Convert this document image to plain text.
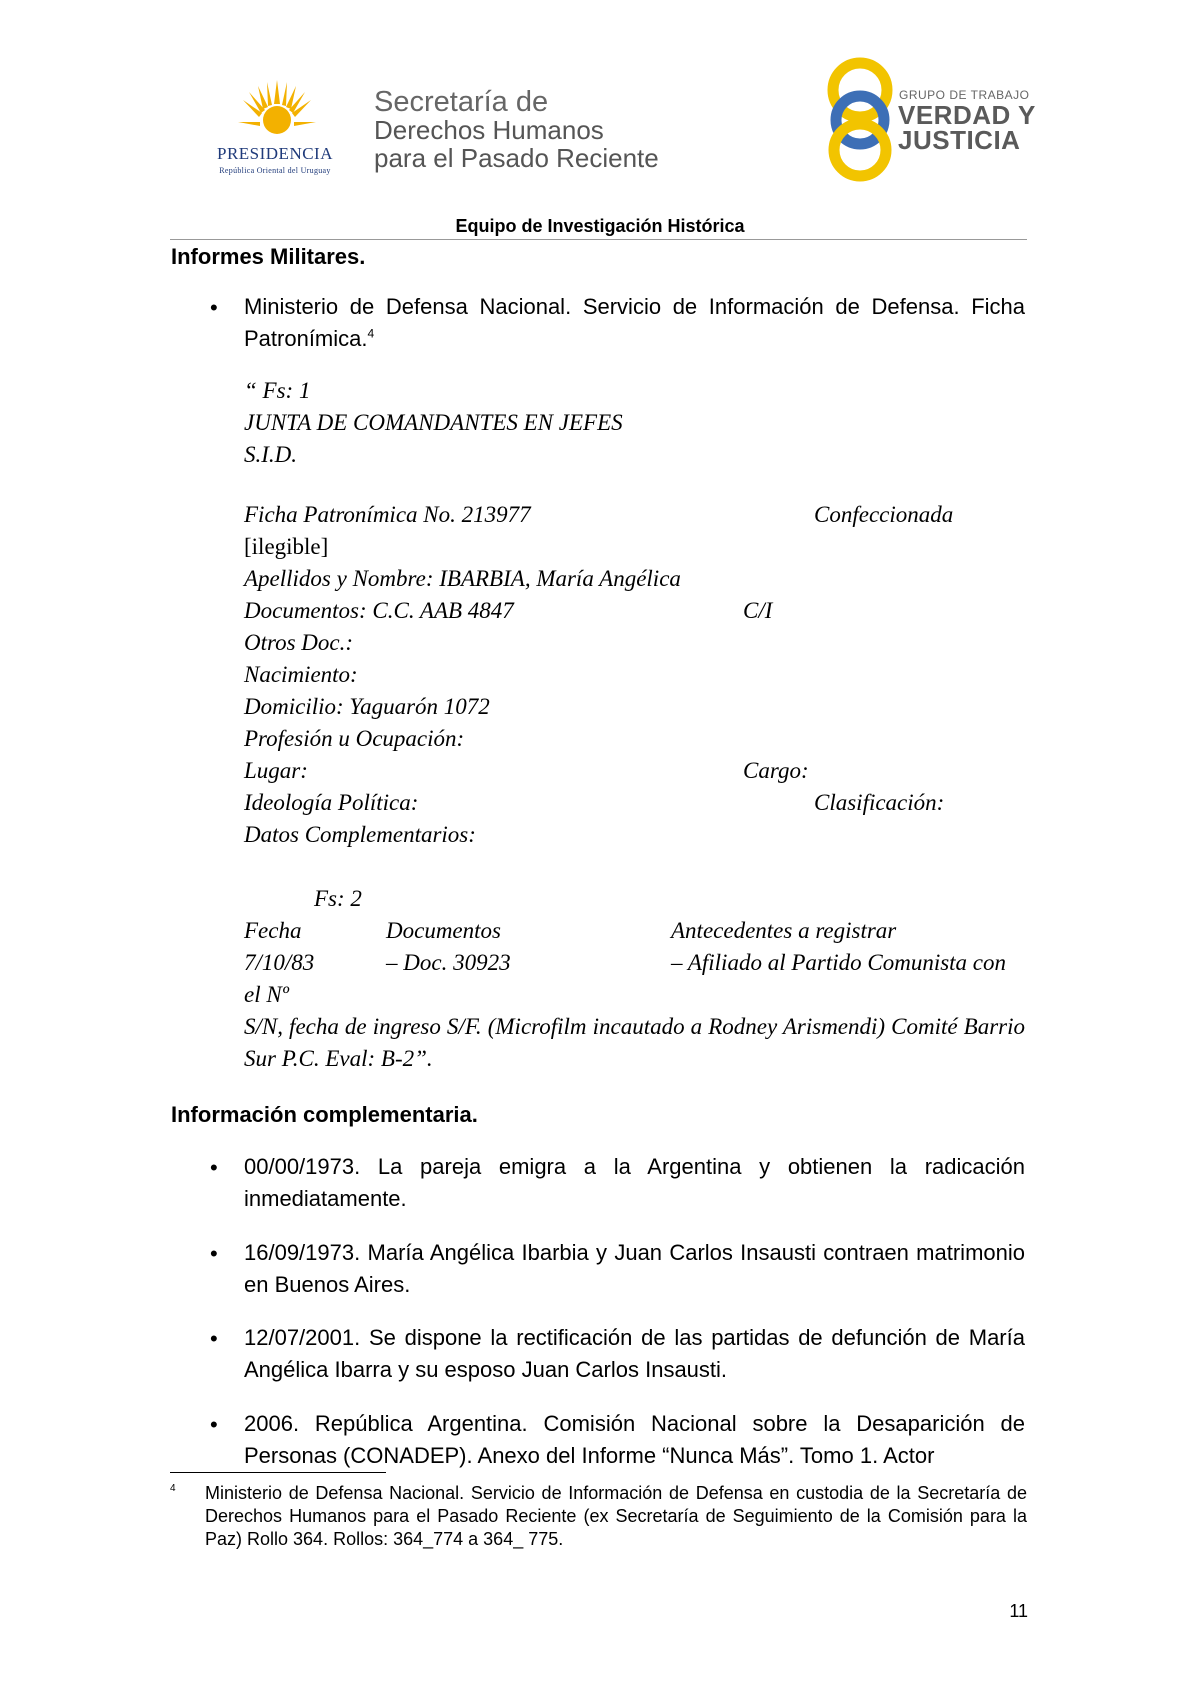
PRESIDENCIA
República Oriental del Uruguay
Secretaría de
Derechos Humanos
para el Pasado Reciente
GRUPO DE TRABAJO
VERDAD Y
JUSTICIA
Equipo de Investigación Histórica
Informes Militares.
• Ministerio de Defensa Nacional. Servicio de Información de Defensa. Ficha Patronímica.$^4$
“ Fs: 1
JUNTA DE COMANDANTES EN JEFES
S.I.D.
Ficha Patronímica No. 213977	Confeccionada
[ilegible]
Apellidos y Nombre: IBARBIA, María Angélica
Documentos: C.C. AAB 4847	C/I
Otros Doc.:
Nacimiento:
Domicilio: Yaguarón 1072
Profesión u Ocupación:
Lugar:	Cargo:
Ideología Política:	Clasificación:
Datos Complementarios:
Fs: 2
Fecha	Documentos	Antecedentes a registrar
7/10/83	– Doc. 30923	– Afiliado al Partido Comunista con
el Nº
S/N, fecha de ingreso S/F. (Microfilm incautado a Rodney Arismendi) Comité Barrio Sur P.C. Eval: B-2”.
Información complementaria.
• 00/00/1973. La pareja emigra a la Argentina y obtienen la radicación inmediatamente.
• 16/09/1973. María Angélica Ibarbia y Juan Carlos Insausti contraen matrimonio en Buenos Aires.
• 12/07/2001. Se dispone la rectificación de las partidas de defunción de María Angélica Ibarra y su esposo Juan Carlos Insausti.
• 2006. República Argentina. Comisión Nacional sobre la Desaparición de Personas (CONADEP). Anexo del Informe “Nunca Más”. Tomo 1. Actor
4 Ministerio de Defensa Nacional. Servicio de Información de Defensa en custodia de la Secretaría de Derechos Humanos para el Pasado Reciente (ex Secretaría de Seguimiento de la Comisión para la Paz) Rollo 364. Rollos: 364_774 a 364_ 775.
11
